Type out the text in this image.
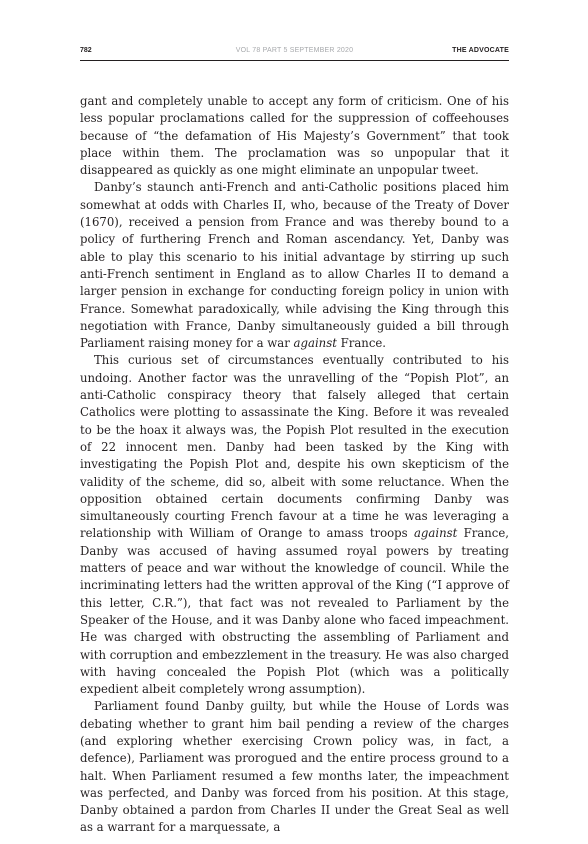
782	VOL 78 PART 5 SEPTEMBER 2020	THE ADVOCATE

gant and completely unable to accept any form of criticism. One of his less popular proclamations called for the suppression of coffeehouses because of “the defamation of His Majesty’s Government” that took place within them. The proclamation was so unpopular that it disappeared as quickly as one might eliminate an unpopular tweet.

Danby’s staunch anti-French and anti-Catholic positions placed him somewhat at odds with Charles II, who, because of the Treaty of Dover (1670), received a pension from France and was thereby bound to a policy of furthering French and Roman ascendancy. Yet, Danby was able to play this scenario to his initial advantage by stirring up such anti-French sentiment in England as to allow Charles II to demand a larger pension in exchange for conducting foreign policy in union with France. Somewhat paradoxically, while advising the King through this negotiation with France, Danby simultaneously guided a bill through Parliament raising money for a war against France.

This curious set of circumstances eventually contributed to his undoing. Another factor was the unravelling of the “Popish Plot”, an anti-Catholic conspiracy theory that falsely alleged that certain Catholics were plotting to assassinate the King. Before it was revealed to be the hoax it always was, the Popish Plot resulted in the execution of 22 innocent men. Danby had been tasked by the King with investigating the Popish Plot and, despite his own skepticism of the validity of the scheme, did so, albeit with some reluctance. When the opposition obtained certain documents confirming Danby was simultaneously courting French favour at a time he was leveraging a relationship with William of Orange to amass troops against France, Danby was accused of having assumed royal powers by treating matters of peace and war without the knowledge of council. While the incriminating letters had the written approval of the King (“I approve of this letter, C.R.”), that fact was not revealed to Parliament by the Speaker of the House, and it was Danby alone who faced impeachment. He was charged with obstructing the assembling of Parliament and with corruption and embezzlement in the treasury. He was also charged with having concealed the Popish Plot (which was a politically expedient albeit completely wrong assumption).

Parliament found Danby guilty, but while the House of Lords was debating whether to grant him bail pending a review of the charges (and exploring whether exercising Crown policy was, in fact, a defence), Parliament was prorogued and the entire process ground to a halt. When Parliament resumed a few months later, the impeachment was perfected, and Danby was forced from his position. At this stage, Danby obtained a pardon from Charles II under the Great Seal as well as a warrant for a marquessate, a
